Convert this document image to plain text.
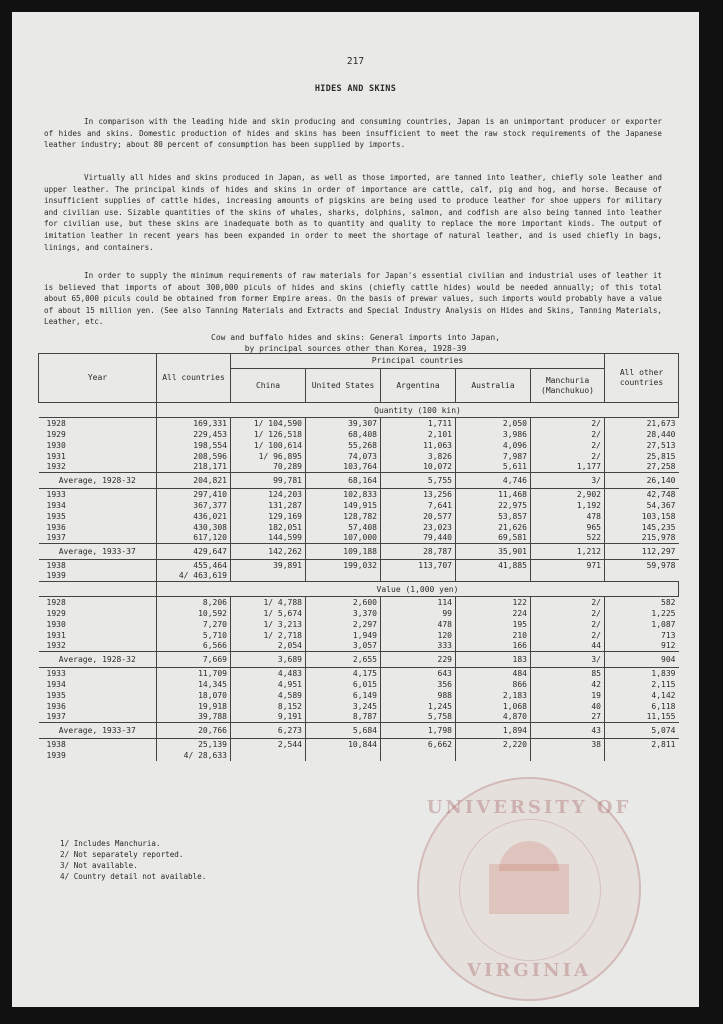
217
HIDES AND SKINS
In comparison with the leading hide and skin producing and consuming countries, Japan is an unimportant producer or exporter of hides and skins. Domestic production of hides and skins has been insufficient to meet the raw stock requirements of the Japanese leather industry; about 80 percent of consumption has been supplied by imports.
Virtually all hides and skins produced in Japan, as well as those imported, are tanned into leather, chiefly sole leather and upper leather. The principal kinds of hides and skins in order of importance are cattle, calf, pig and hog, and horse. Because of insufficient supplies of cattle hides, increasing amounts of pigskins are being used to produce leather for shoe uppers for military and civilian use. Sizable quantities of the skins of whales, sharks, dolphins, salmon, and codfish are also being tanned into leather for civilian use, but these skins are inadequate both as to quantity and quality to replace the more important kinds. The output of imitation leather in recent years has been expanded in order to meet the shortage of natural leather, and is used chiefly in bags, linings, and containers.
In order to supply the minimum requirements of raw materials for Japan's essential civilian and industrial uses of leather it is believed that imports of about 300,000 piculs of hides and skins (chiefly cattle hides) would be needed annually; of this total about 65,000 piculs could be obtained from former Empire areas. On the basis of prewar values, such imports would probably have a value of about 15 million yen. (See also Tanning Materials and Extracts and Special Industry Analysis on Hides and Skins, Tanning Materials, Leather, etc.
Cow and buffalo hides and skins: General imports into Japan,
by principal sources other than Korea, 1928-39
Year	All countries	Principal countries					All other countries
		China	United States	Argentina	Australia	Manchuria (Manchukuo)	
	Quantity (100 kin)						
1928	169,331	1/ 104,590	39,307	1,711	2,050	2/	21,673
1929	229,453	1/ 126,518	68,408	2,101	3,986	2/	28,440
1930	198,554	1/ 100,614	55,268	11,063	4,096	2/	27,513
1931	208,596	1/ 96,895	74,073	3,826	7,987	2/	25,815
1932	218,171	70,289	103,764	10,072	5,611	1,177	27,258
Average, 1928-32	204,821	99,781	68,164	5,755	4,746	3/	26,140
1933	297,410	124,203	102,833	13,256	11,468	2,902	42,748
1934	367,377	131,287	149,915	7,641	22,975	1,192	54,367
1935	436,021	129,169	128,782	20,577	53,857	478	103,158
1936	430,308	182,051	57,408	23,023	21,626	965	145,235
1937	617,120	144,599	107,000	79,440	69,581	522	215,978
Average, 1933-37	429,647	142,262	109,188	28,787	35,901	1,212	112,297
1938	455,464	39,891	199,032	113,707	41,885	971	59,978
1939	4/ 463,619						
	Value (1,000 yen)						
1928	8,206	1/ 4,788	2,600	114	122	2/	582
1929	10,592	1/ 5,674	3,370	99	224	2/	1,225
1930	7,270	1/ 3,213	2,297	478	195	2/	1,087
1931	5,710	1/ 2,718	1,949	120	210	2/	713
1932	6,566	2,054	3,057	333	166	44	912
Average, 1928-32	7,669	3,689	2,655	229	183	3/	904
1933	11,709	4,483	4,175	643	484	85	1,839
1934	14,345	4,951	6,015	356	866	42	2,115
1935	18,070	4,589	6,149	988	2,183	19	4,142
1936	19,918	8,152	3,245	1,245	1,068	40	6,118
1937	39,788	9,191	8,787	5,758	4,870	27	11,155
Average, 1933-37	20,766	6,273	5,684	1,798	1,894	43	5,074
1938	25,139	2,544	10,844	6,662	2,220	38	2,811
1939	4/ 28,633						
1/ Includes Manchuria.
2/ Not separately reported.
3/ Not available.
4/ Country detail not available.
UNIVERSITY OF
VIRGINIA
